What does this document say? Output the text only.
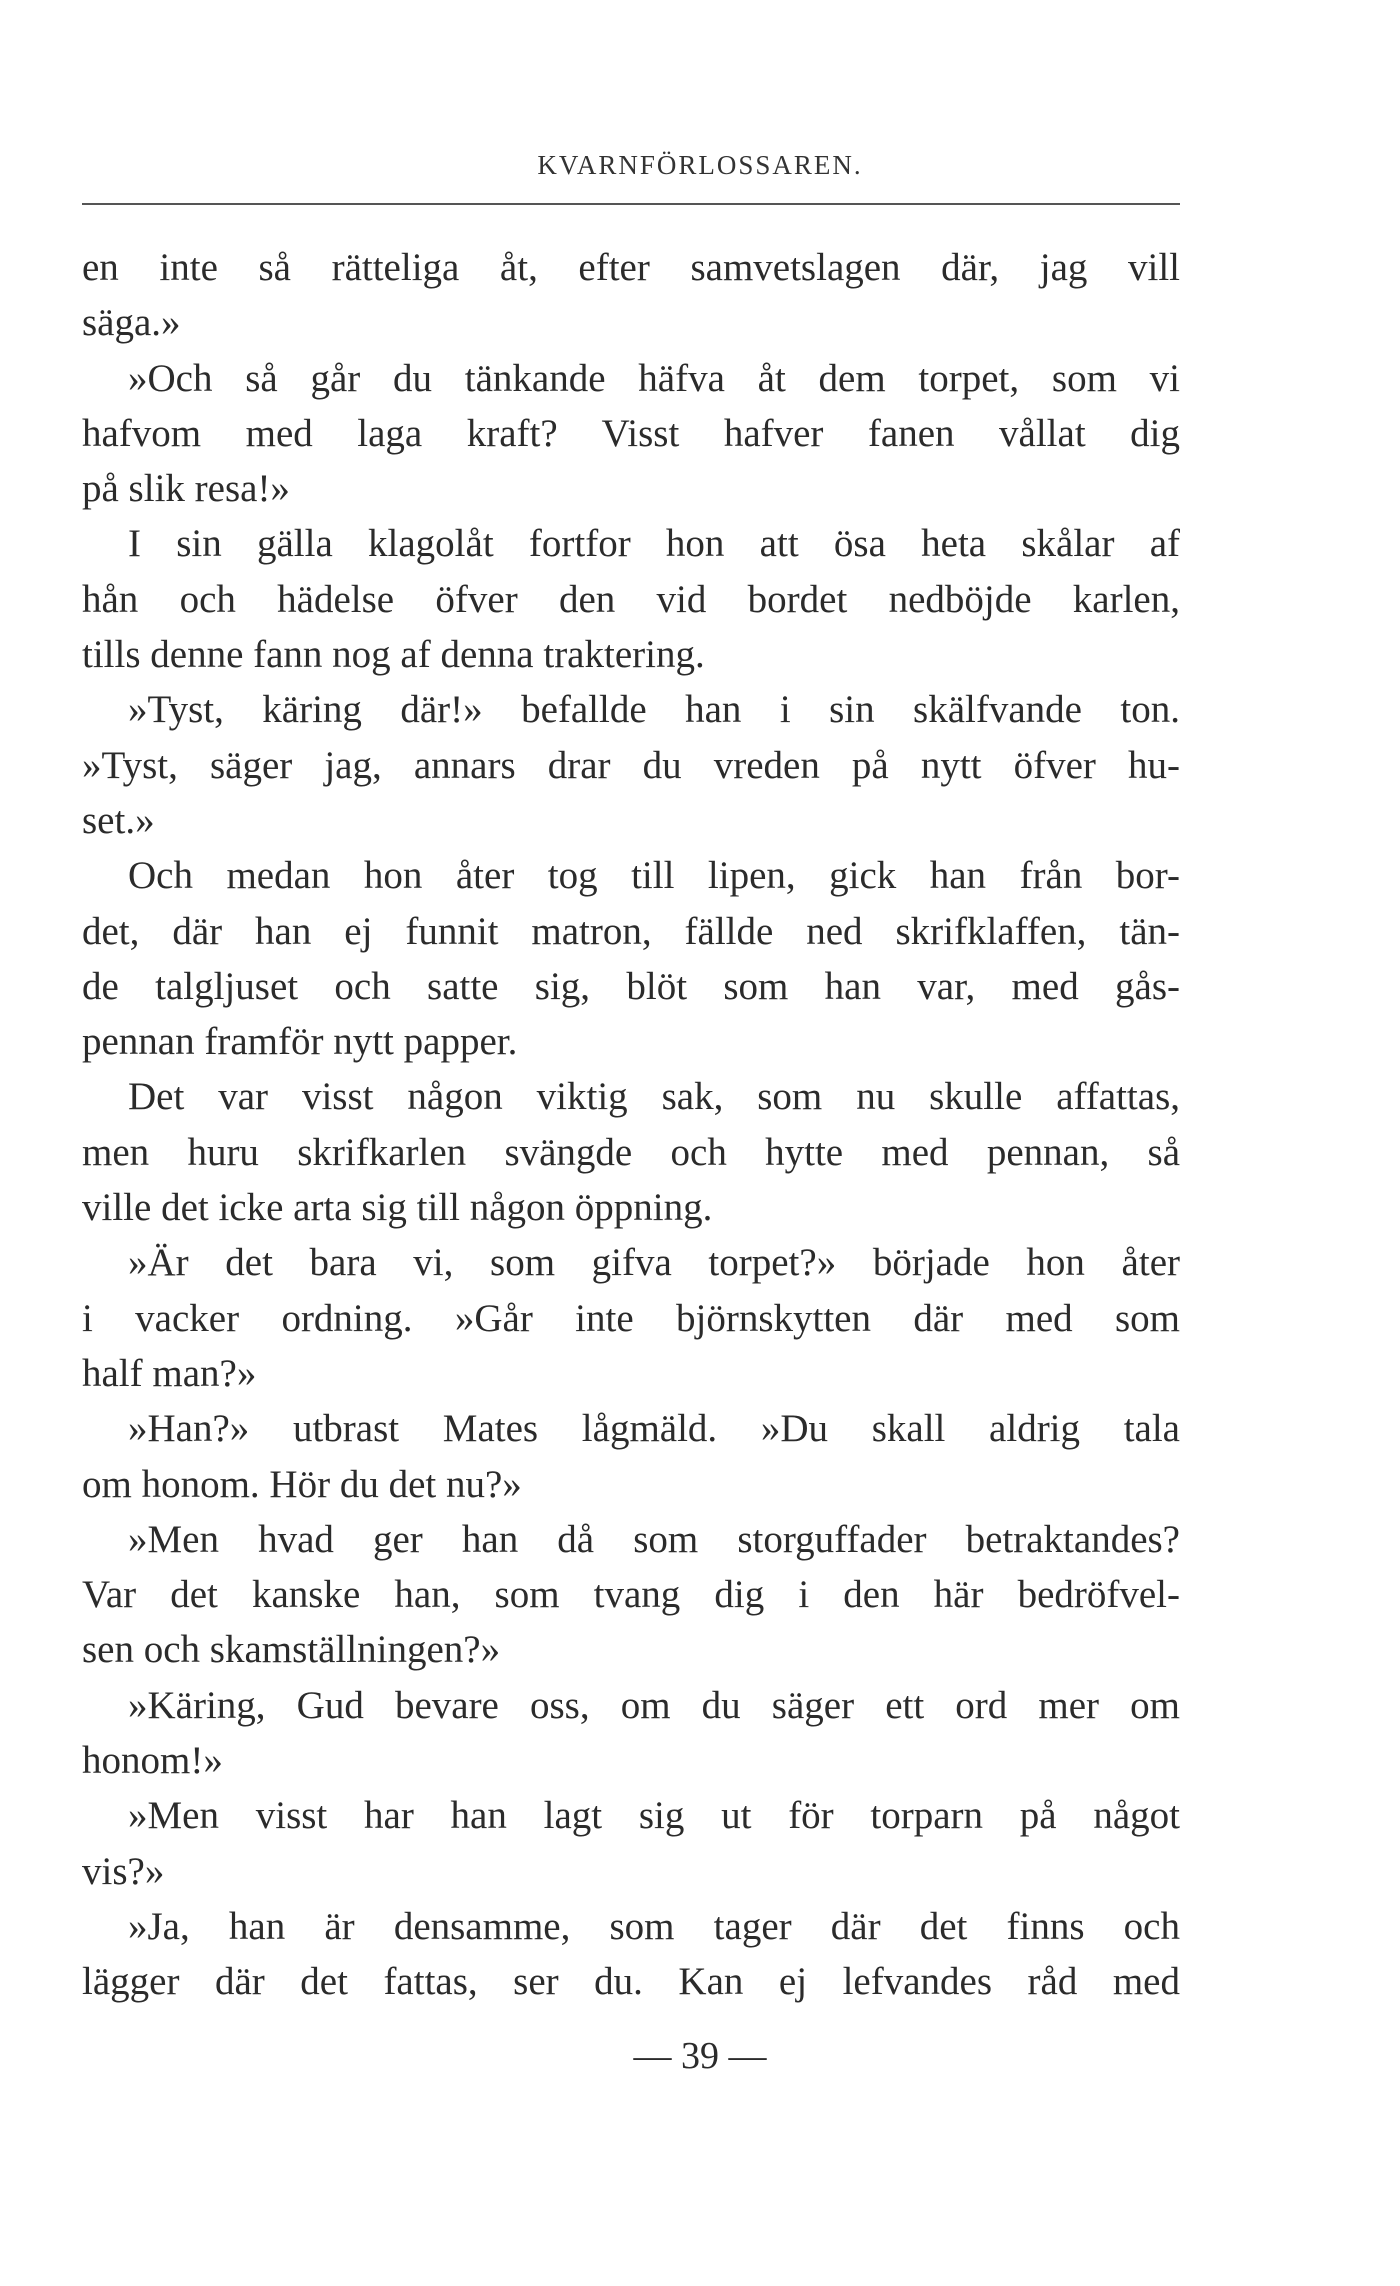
KVARNFÖRLOSSAREN.
en inte så rätteliga åt, efter samvetslagen där, jag vill
säga.»
»Och så går du tänkande häfva åt dem torpet, som vi
hafvom med laga kraft? Visst hafver fanen vållat dig
på slik resa!»
I sin gälla klagolåt fortfor hon att ösa heta skålar af
hån och hädelse öfver den vid bordet nedböjde karlen,
tills denne fann nog af denna traktering.
»Tyst, käring där!» befallde han i sin skälfvande ton.
»Tyst, säger jag, annars drar du vreden på nytt öfver hu-
set.»
Och medan hon åter tog till lipen, gick han från bor-
det, där han ej funnit matron, fällde ned skrifklaffen, tän-
de talgljuset och satte sig, blöt som han var, med gås-
pennan framför nytt papper.
Det var visst någon viktig sak, som nu skulle affattas,
men huru skrifkarlen svängde och hytte med pennan, så
ville det icke arta sig till någon öppning.
»Är det bara vi, som gifva torpet?» började hon åter
i vacker ordning. »Går inte björnskytten där med som
half man?»
»Han?» utbrast Mates lågmäld. »Du skall aldrig tala
om honom. Hör du det nu?»
»Men hvad ger han då som storguffader betraktandes?
Var det kanske han, som tvang dig i den här bedröfvel-
sen och skamställningen?»
»Käring, Gud bevare oss, om du säger ett ord mer om
honom!»
»Men visst har han lagt sig ut för torparn på något
vis?»
»Ja, han är densamme, som tager där det finns och
lägger där det fattas, ser du. Kan ej lefvandes råd med
— 39 —
